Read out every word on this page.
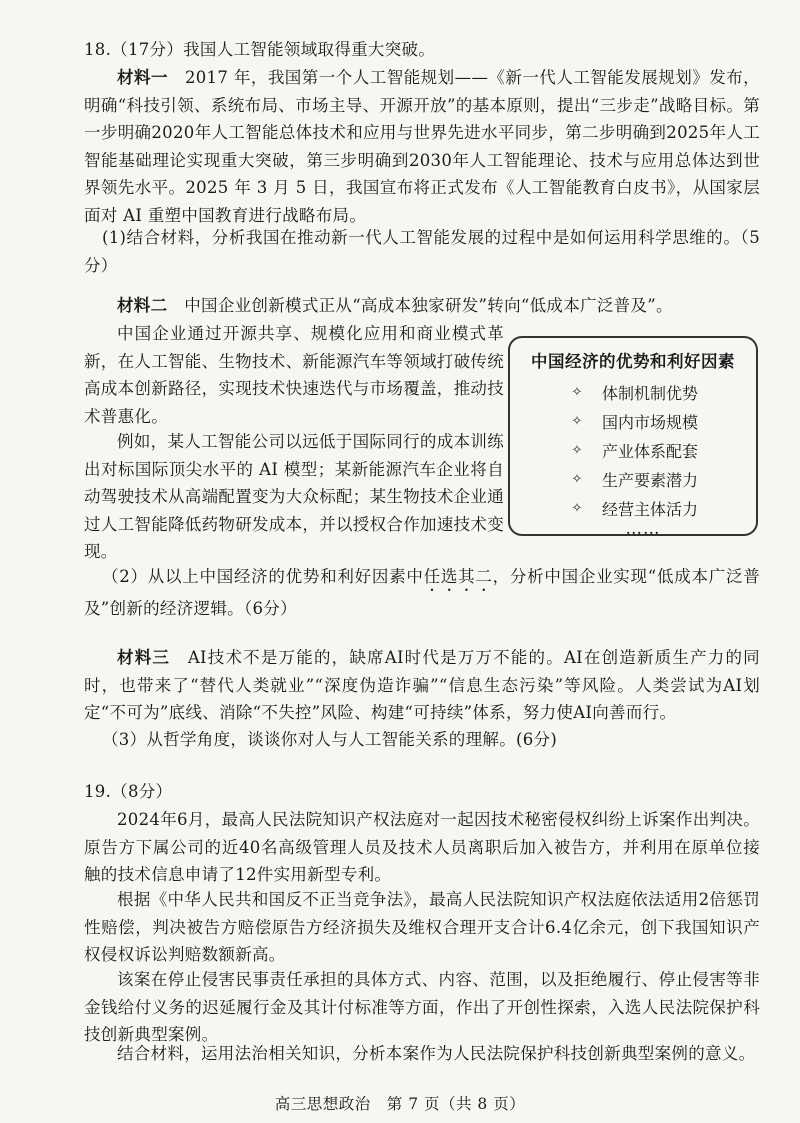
18.（17分）我国人工智能领域取得重大突破。
材料一　 2017 年，我国第一个人工智能规划——《新一代人工智能发展规划》发布，明确“科技引领、系统布局、市场主导、开源开放”的基本原则，提出“三步走”战略目标。第一步明确2020年人工智能总体技术和应用与世界先进水平同步，第二步明确到2025年人工智能基础理论实现重大突破，第三步明确到2030年人工智能理论、技术与应用总体达到世界领先水平。2025 年 3 月 5 日，我国宣布将正式发布《人工智能教育白皮书》，从国家层面对 AI 重塑中国教育进行战略布局。
(1)结合材料，分析我国在推动新一代人工智能发展的过程中是如何运用科学思维的。（5分）
材料二　 中国企业创新模式正从“高成本独家研发”转向“低成本广泛普及”。
中国企业通过开源共享、规模化应用和商业模式革新，在人工智能、生物技术、新能源汽车等领域打破传统高成本创新路径，实现技术快速迭代与市场覆盖，推动技术普惠化。
例如，某人工智能公司以远低于国际同行的成本训练出对标国际顶尖水平的 AI 模型；某新能源汽车企业将自动驾驶技术从高端配置变为大众标配；某生物技术企业通过人工智能降低药物研发成本，并以授权合作加速技术变现。
中国经济的优势和利好因素
✧ 体制机制优势
✧ 国内市场规模
✧ 产业体系配套
✧ 生产要素潜力
✧ 经营主体活力
……
（2）从以上中国经济的优势和利好因素中任选其二，分析中国企业实现“低成本广泛普及”创新的经济逻辑。（6分）
材料三　 AI技术不是万能的，缺席AI时代是万万不能的。AI在创造新质生产力的同时，也带来了“替代人类就业”“深度伪造诈骗”“信息生态污染”等风险。人类尝试为AI划定“不可为”底线、消除“不失控”风险、构建“可持续”体系，努力使AI向善而行。
（3）从哲学角度，谈谈你对人与人工智能关系的理解。(6分)
19.（8分）
2024年6月，最高人民法院知识产权法庭对一起因技术秘密侵权纠纷上诉案作出判决。原告方下属公司的近40名高级管理人员及技术人员离职后加入被告方，并利用在原单位接触的技术信息申请了12件实用新型专利。
根据《中华人民共和国反不正当竞争法》，最高人民法院知识产权法庭依法适用2倍惩罚性赔偿，判决被告方赔偿原告方经济损失及维权合理开支合计6.4亿余元，创下我国知识产权侵权诉讼判赔数额新高。
该案在停止侵害民事责任承担的具体方式、内容、范围，以及拒绝履行、停止侵害等非金钱给付义务的迟延履行金及其计付标准等方面，作出了开创性探索，入选人民法院保护科技创新典型案例。
结合材料，运用法治相关知识，分析本案作为人民法院保护科技创新典型案例的意义。
高三思想政治　第 7 页（共 8 页）
